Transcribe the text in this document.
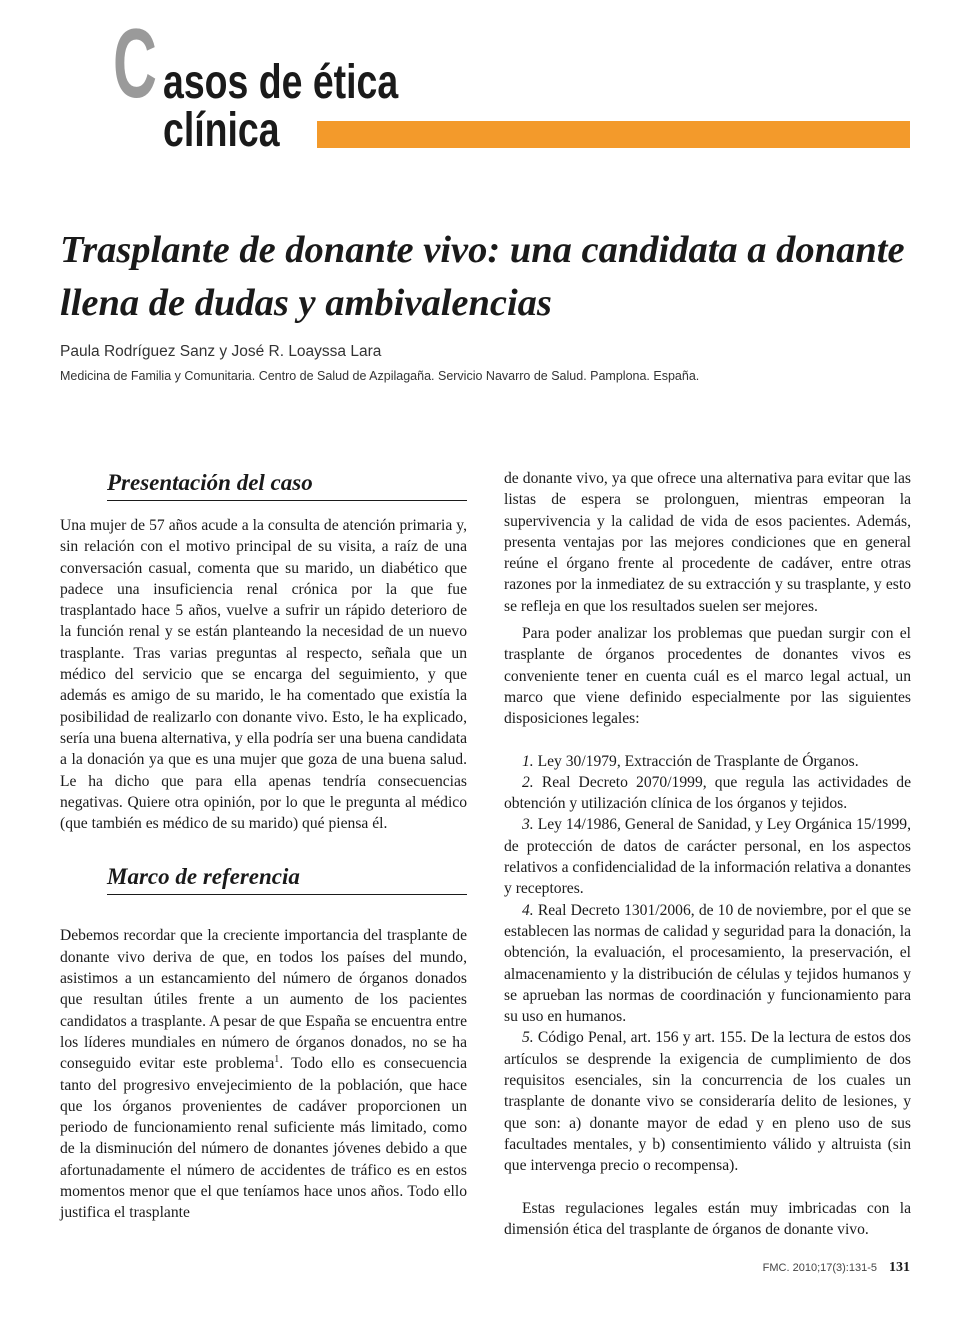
C asos de ética
clínica
Trasplante de donante vivo: una candidata a donante llena de dudas y ambivalencias
Paula Rodríguez Sanz y José R. Loayssa Lara
Medicina de Familia y Comunitaria. Centro de Salud de Azpilagaña. Servicio Navarro de Salud. Pamplona. España.
Presentación del caso

Una mujer de 57 años acude a la consulta de atención primaria y, sin relación con el motivo principal de su visita, a raíz de una conversación casual, comenta que su marido, un diabético que padece una insuficiencia renal crónica por la que fue trasplantado hace 5 años, vuelve a sufrir un rápido deterioro de la función renal y se están planteando la necesidad de un nuevo trasplante. Tras varias preguntas al respecto, señala que un médico del servicio que se encarga del seguimiento, y que además es amigo de su marido, le ha comentado que existía la posibilidad de realizarlo con donante vivo. Esto, le ha explicado, sería una buena alternativa, y ella podría ser una buena candidata a la donación ya que es una mujer que goza de una buena salud. Le ha dicho que para ella apenas tendría consecuencias negativas. Quiere otra opinión, por lo que le pregunta al médico (que también es médico de su marido) qué piensa él.

Marco de referencia

Debemos recordar que la creciente importancia del trasplante de donante vivo deriva de que, en todos los países del mundo, asistimos a un estancamiento del número de órganos donados que resultan útiles frente a un aumento de los pacientes candidatos a trasplante. A pesar de que España se encuentra entre los líderes mundiales en número de órganos donados, no se ha conseguido evitar este problema$^1$. Todo ello es consecuencia tanto del progresivo envejecimiento de la población, que hace que los órganos provenientes de cadáver proporcionen un periodo de funcionamiento renal suficiente más limitado, como de la disminución del número de donantes jóvenes debido a que afortunadamente el número de accidentes de tráfico es en estos momentos menor que el que teníamos hace unos años. Todo ello justifica el trasplante

de donante vivo, ya que ofrece una alternativa para evitar que las listas de espera se prolonguen, mientras empeoran la supervivencia y la calidad de vida de esos pacientes. Además, presenta ventajas por las mejores condiciones que en general reúne el órgano frente al procedente de cadáver, entre otras razones por la inmediatez de su extracción y su trasplante, y esto se refleja en que los resultados suelen ser mejores.

Para poder analizar los problemas que puedan surgir con el trasplante de órganos procedentes de donantes vivos es conveniente tener en cuenta cuál es el marco legal actual, un marco que viene definido especialmente por las siguientes disposiciones legales:

1. Ley 30/1979, Extracción de Trasplante de Órganos.

2. Real Decreto 2070/1999, que regula las actividades de obtención y utilización clínica de los órganos y tejidos.

3. Ley 14/1986, General de Sanidad, y Ley Orgánica 15/1999, de protección de datos de carácter personal, en los aspectos relativos a confidencialidad de la información relativa a donantes y receptores.

4. Real Decreto 1301/2006, de 10 de noviembre, por el que se establecen las normas de calidad y seguridad para la donación, la obtención, la evaluación, el procesamiento, la preservación, el almacenamiento y la distribución de células y tejidos humanos y se aprueban las normas de coordinación y funcionamiento para su uso en humanos.

5. Código Penal, art. 156 y art. 155. De la lectura de estos dos artículos se desprende la exigencia de cumplimiento de dos requisitos esenciales, sin la concurrencia de los cuales un trasplante de donante vivo se consideraría delito de lesiones, y que son: a) donante mayor de edad y en pleno uso de sus facultades mentales, y b) consentimiento válido y altruista (sin que intervenga precio o recompensa).

Estas regulaciones legales están muy imbricadas con la dimensión ética del trasplante de órganos de donante vivo.

FMC. 2010;17(3):131-5 131
